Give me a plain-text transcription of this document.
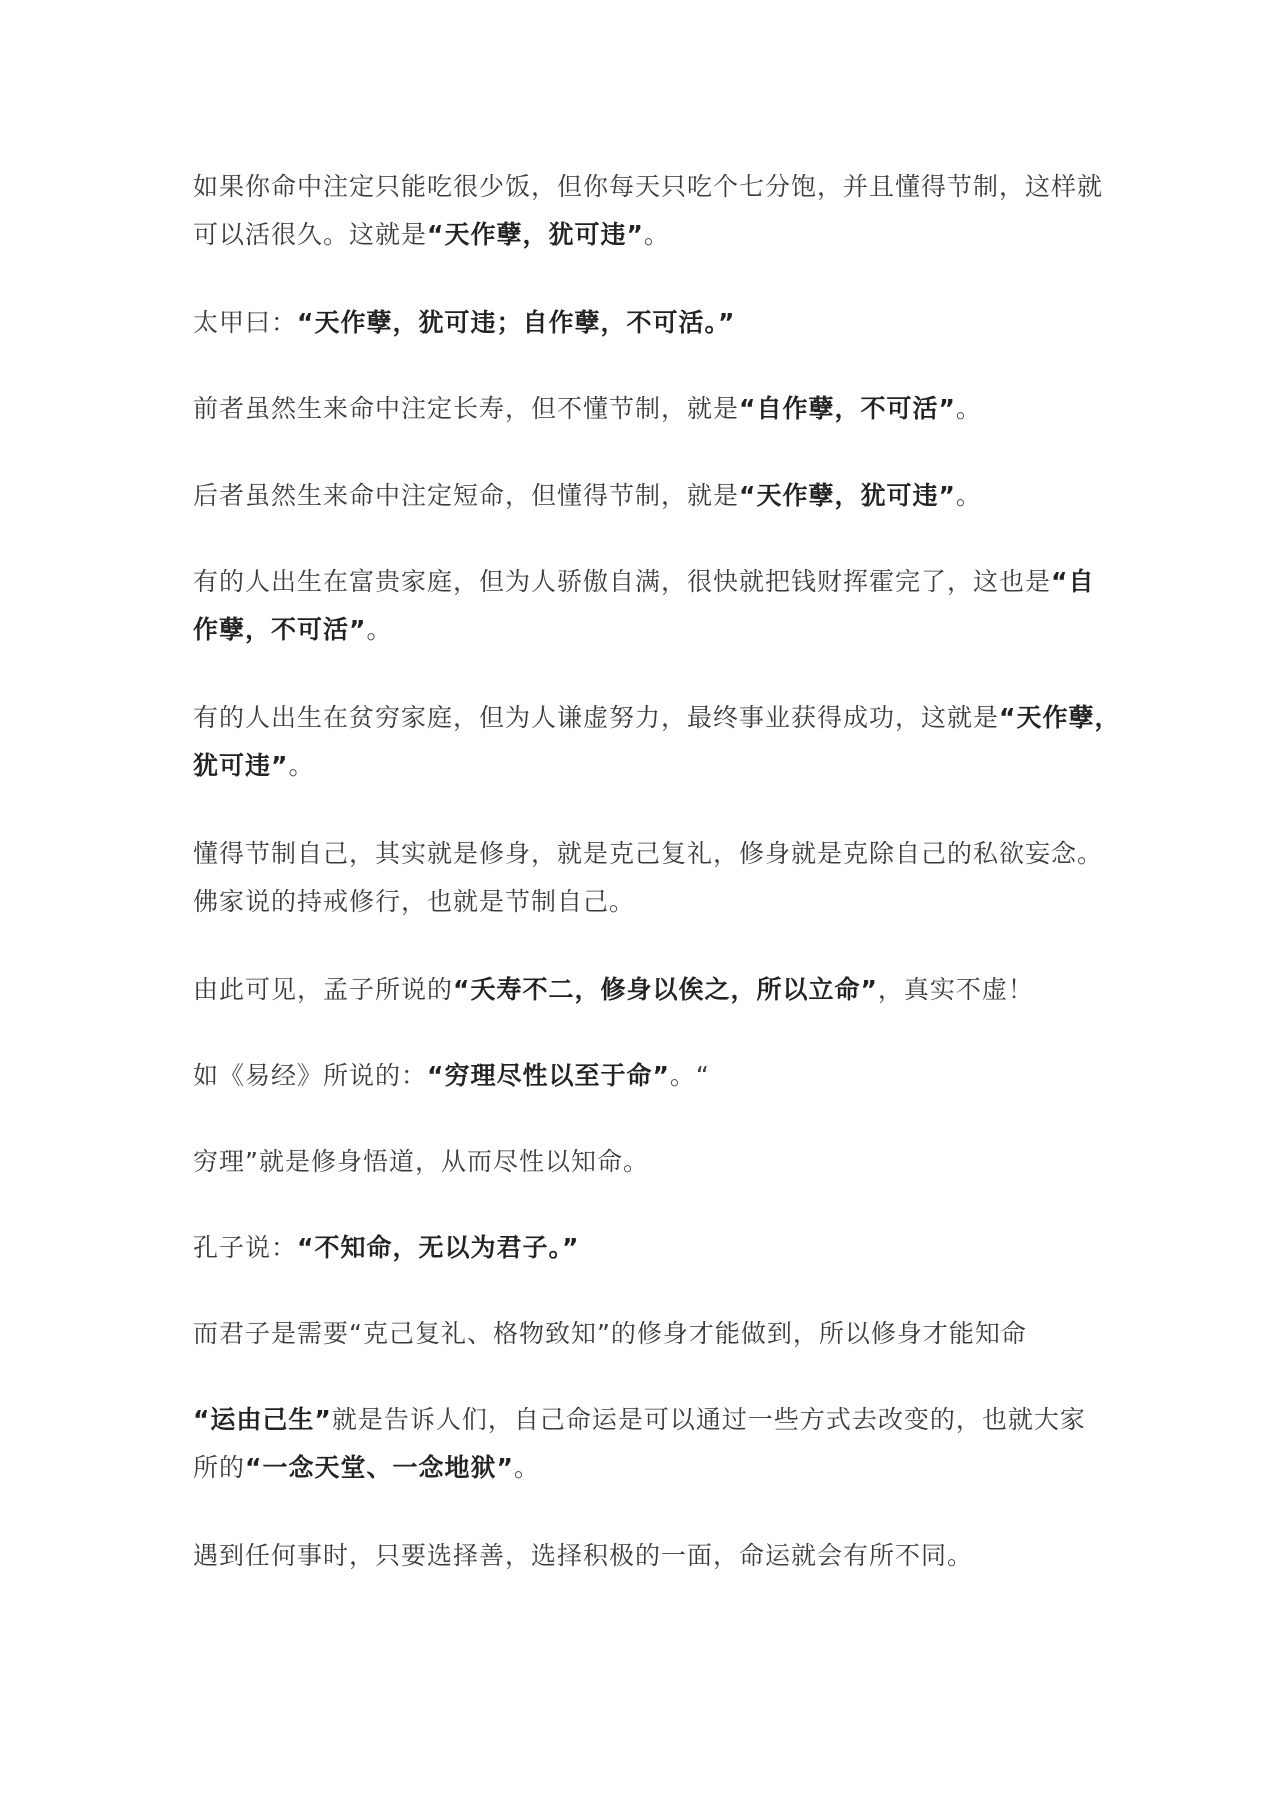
如果你命中注定只能吃很少饭，但你每天只吃个七分饱，并且懂得节制，这样就
可以活很久。这就是“天作孽，犹可违”。

太甲曰：“天作孽，犹可违；自作孽，不可活。”

前者虽然生来命中注定长寿，但不懂节制，就是“自作孽，不可活”。

后者虽然生来命中注定短命，但懂得节制，就是“天作孽，犹可违”。

有的人出生在富贵家庭，但为人骄傲自满，很快就把钱财挥霍完了，这也是“自
作孽，不可活”。

有的人出生在贫穷家庭，但为人谦虚努力，最终事业获得成功，这就是“天作孽，
犹可违”。

懂得节制自己，其实就是修身，就是克己复礼，修身就是克除自己的私欲妄念。
佛家说的持戒修行，也就是节制自己。

由此可见，孟子所说的“夭寿不二，修身以俟之，所以立命”，真实不虚！

如《易经》所说的：“穷理尽性以至于命”。“

穷理”就是修身悟道，从而尽性以知命。

孔子说：“不知命，无以为君子。”

而君子是需要“克己复礼、格物致知”的修身才能做到，所以修身才能知命

“运由己生”就是告诉人们，自己命运是可以通过一些方式去改变的，也就大家
所的“一念天堂、一念地狱”。

遇到任何事时，只要选择善，选择积极的一面，命运就会有所不同。
